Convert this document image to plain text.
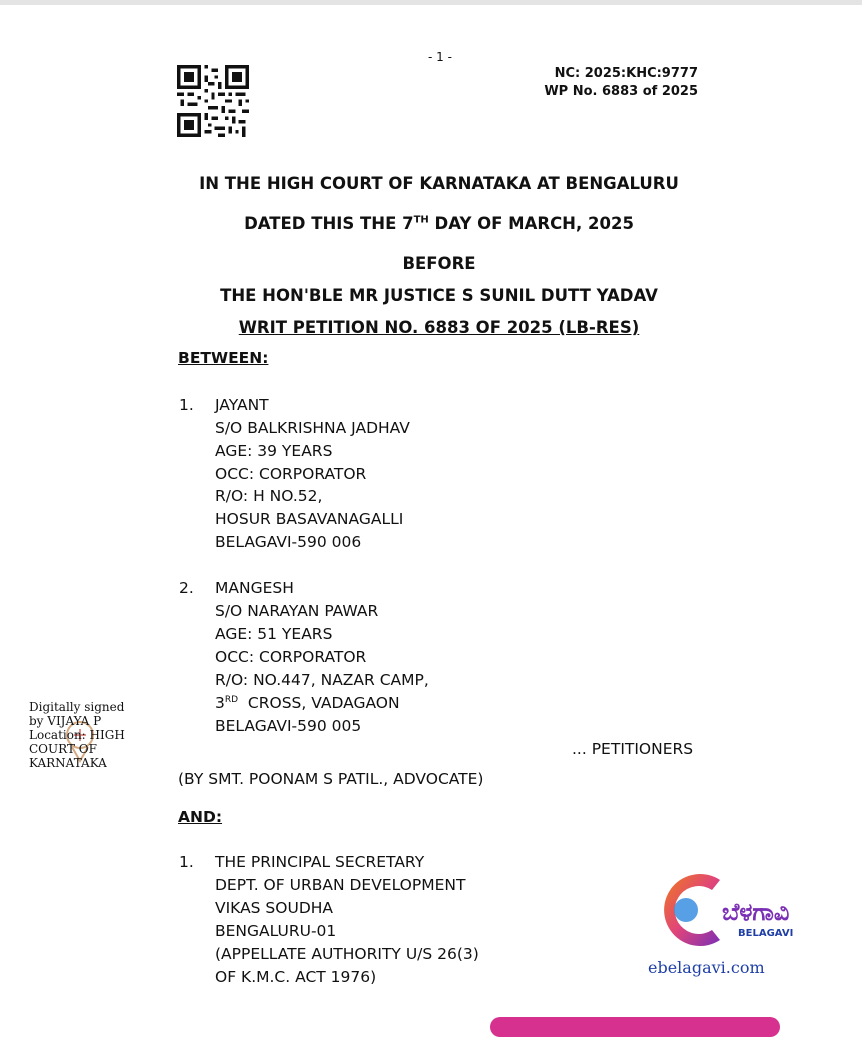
- 1 -
NC: 2025:KHC:9777
WP No. 6883 of 2025
IN THE HIGH COURT OF KARNATAKA AT BENGALURU
DATED THIS THE 7TH DAY OF MARCH, 2025
BEFORE
THE HON'BLE MR JUSTICE S SUNIL DUTT YADAV
WRIT PETITION NO. 6883 OF 2025 (LB-RES)
BETWEEN:
1. JAYANT
S/O BALKRISHNA JADHAV
AGE: 39 YEARS
OCC: CORPORATOR
R/O: H NO.52,
HOSUR BASAVANAGALLI
BELAGAVI-590 006
2. MANGESH
S/O NARAYAN PAWAR
AGE: 51 YEARS
OCC: CORPORATOR
R/O: NO.447, NAZAR CAMP,
3RD  CROSS, VADAGAON
BELAGAVI-590 005
... PETITIONERS
(BY SMT. POONAM S PATIL., ADVOCATE)
AND:
1. THE PRINCIPAL SECRETARY
DEPT. OF URBAN DEVELOPMENT
VIKAS SOUDHA
BENGALURU-01
(APPELLATE AUTHORITY U/S 26(3)
OF K.M.C. ACT 1976)
Digitally signed
by VIJAYA P
Location: HIGH
COURT OF
KARNATAKA
ಬೆಳಗಾವಿ
BELAGAVI
ebelagavi.com
